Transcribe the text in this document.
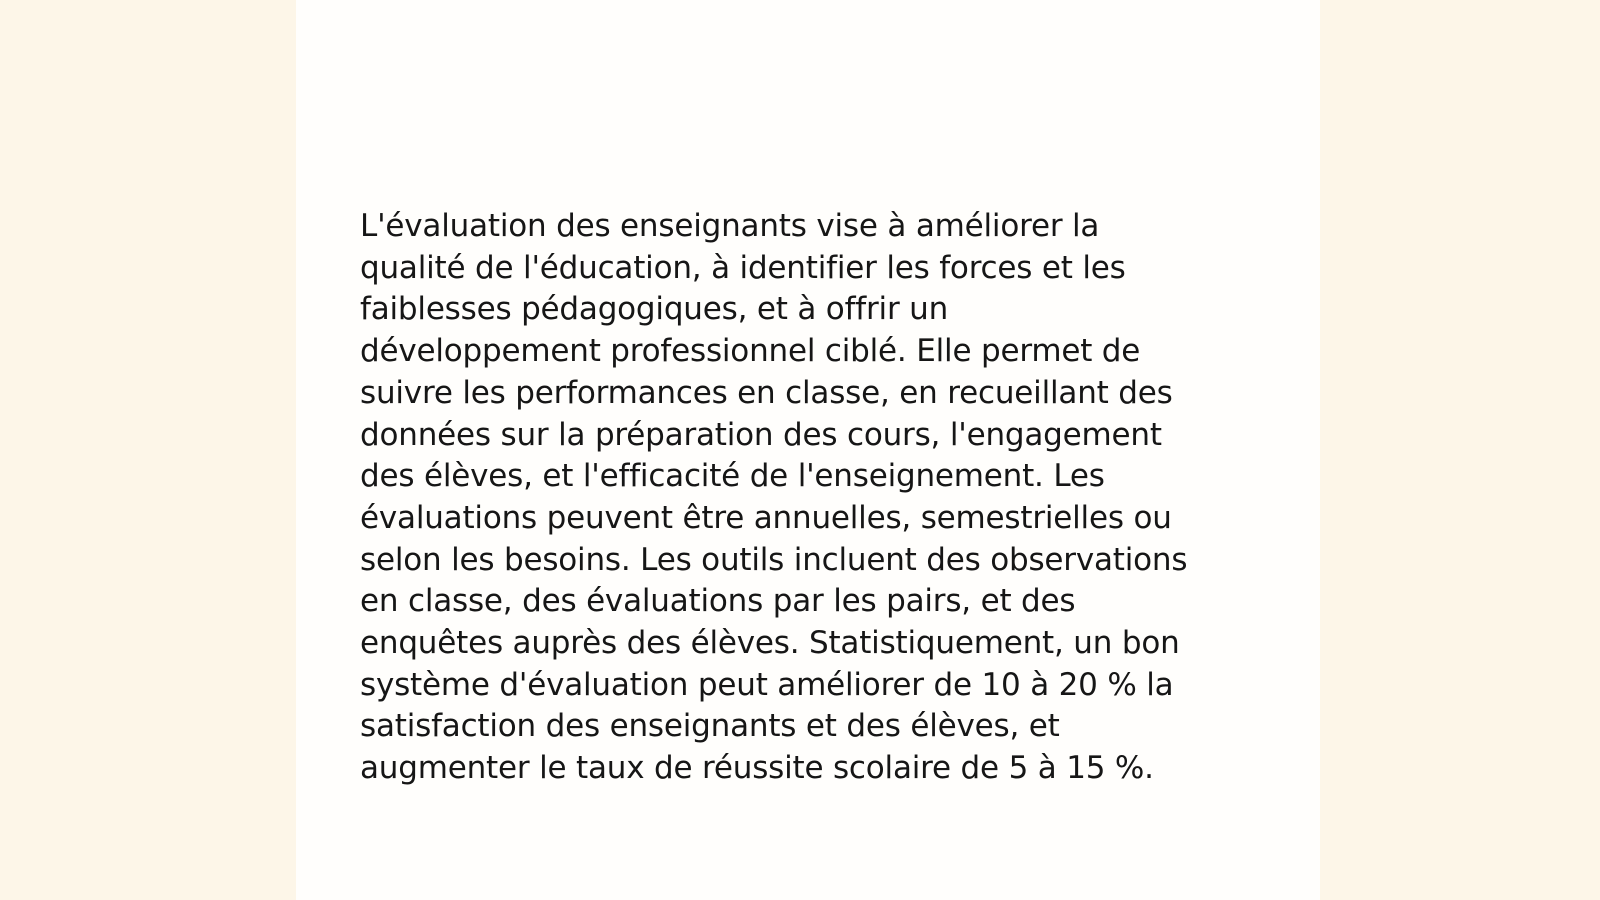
L'évaluation des enseignants vise à améliorer la
qualité de l'éducation, à identifier les forces et les
faiblesses pédagogiques, et à offrir un
développement professionnel ciblé. Elle permet de
suivre les performances en classe, en recueillant des
données sur la préparation des cours, l'engagement
des élèves, et l'efficacité de l'enseignement. Les
évaluations peuvent être annuelles, semestrielles ou
selon les besoins. Les outils incluent des observations
en classe, des évaluations par les pairs, et des
enquêtes auprès des élèves. Statistiquement, un bon
système d'évaluation peut améliorer de 10 à 20 % la
satisfaction des enseignants et des élèves, et
augmenter le taux de réussite scolaire de 5 à 15 %.
